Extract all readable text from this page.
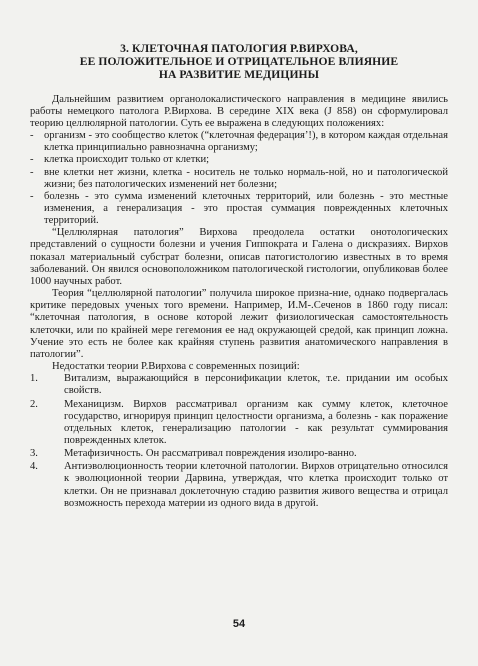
3. КЛЕТОЧНАЯ ПАТОЛОГИЯ Р.ВИРХОВА,
ЕЕ ПОЛОЖИТЕЛЬНОЕ И ОТРИЦАТЕЛЬНОЕ ВЛИЯНИЕ
НА РАЗВИТИЕ МЕДИЦИНЫ

Дальнейшим развитием органолокалистического направления в медицине явились работы немецкого патолога Р.Вирхова. В середине XIX века (J 858) он сформулировал теорию целлюлярной патологии. Суть ее выражена в следующих положениях:

- организм - это сообщество клеток (“клеточная федерация’!), в котором каждая отдельная клетка принципиально равнозначна организму;
- клетка происходит только от клетки;
- вне клетки нет жизни, клетка - носитель не только нормаль-ной, но и патологической жизни; без патологических изменений нет болезни;
- болезнь - это сумма изменений клеточных территорий, или болезнь - это местные изменения, а генерализация - это простая суммация поврежденных клеточных территорий.

“Целлюлярная патология” Вирхова преодолела остатки онотологических представлений о сущности болезни и учения Гиппократа и Галена о дискразиях. Вирхов показал материальный субстрат болезни, описав патогистологию известных в то время заболеваний. Он явился основоположником патологической гистологии, опубликовав более 1000 научных работ.

Теория “целлюлярной патологии” получила широкое призна-ние, однако подвергалась критике передовых ученых того времени. Например, И.М-.Сеченов в 1860 году писал: “клеточная патология, в основе которой лежит физиологическая самостоятельность клеточки, или по крайней мере гегемония ее над окружающей средой, как принцип ложна. Учение это есть не более как крайняя ступень развития анатомического направления в патологии”.

Недостатки теории Р.Вирхова с современных позиций:

1. Витализм, выражающийся в персонификации клеток, т.е. придании им особых свойств.
2. Механицизм. Вирхов рассматривал организм как сумму клеток, клеточное государство, игнорируя принцип целостности организма, а болезнь - как поражение отдельных клеток, генерализацию патологии - как результат суммирования поврежденных клеток.
3. Метафизичность. Он рассматривал повреждения изолиро-ванно.
4. Антиэволюционность теории клеточной патологии. Вирхов отрицательно относился к эволюционной теории Дарвина, утверждая, что клетка происходит только от клетки. Он не признавал доклеточную стадию развития живого вещества и отрицал возможность перехода материи из одного вида в другой.
54
